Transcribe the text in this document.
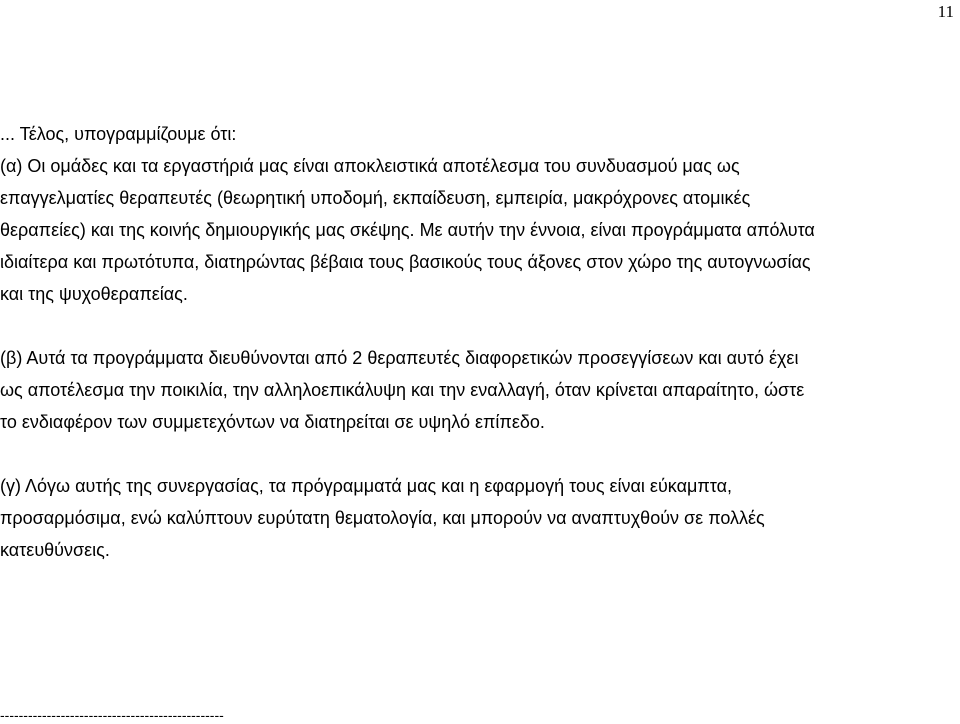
11
... Τέλος, υπογραμμίζουμε ότι:
(α) Οι ομάδες και τα εργαστήριά μας είναι αποκλειστικά αποτέλεσμα του συνδυασμού μας ως
επαγγελματίες θεραπευτές (θεωρητική υποδομή, εκπαίδευση, εμπειρία, μακρόχρονες ατομικές
θεραπείες) και της κοινής δημιουργικής μας σκέψης. Με αυτήν την έννοια, είναι προγράμματα απόλυτα
ιδιαίτερα και πρωτότυπα, διατηρώντας βέβαια τους βασικούς τους άξονες στον χώρο της αυτογνωσίας
και της ψυχοθεραπείας.
(β) Αυτά τα προγράμματα διευθύνονται από 2 θεραπευτές διαφορετικών προσεγγίσεων και αυτό έχει
ως αποτέλεσμα την ποικιλία, την αλληλοεπικάλυψη και την εναλλαγή, όταν κρίνεται απαραίτητο, ώστε
το ενδιαφέρον των συμμετεχόντων να διατηρείται σε υψηλό επίπεδο.
(γ) Λόγω αυτής της συνεργασίας, τα πρόγραμματά μας και η εφαρμογή τους είναι εύκαμπτα,
προσαρμόσιμα, ενώ καλύπτουν ευρύτατη θεματολογία, και μπορούν να αναπτυχθούν σε πολλές
κατευθύνσεις.
------------------------------------------------
